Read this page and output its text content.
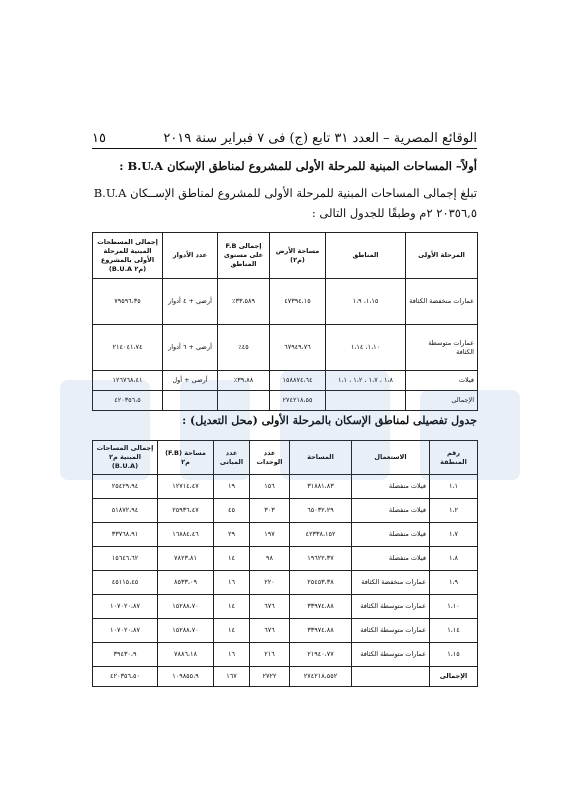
الوقائع المصرية – العدد ٣١ تابع (ج) فى ٧ فبراير سنة ٢٠١٩
١٥
أولاً– المساحات المبنية للمرحلة الأولى للمشروع لمناطق الإسكان B.U.A :
تبلغ إجمالى المساحات المبنية للمرحلة الأولى للمشروع لمناطق الإســكان B.U.A ٢٠٣٥٦,٥ ٢م وطبقًا للجدول التالى :
المرحلة الأولى	المناطق	مساحة الأرض (م٢)	إجمالى F.B على مستوى المناطق	عدد الأدوار	إجمالى المسطحات المبنية للمرحلة الأولى بالمشروع (م٢ B.U.A)
عمارات منخفضة الكثافة	١،١٥، ١،٩	٤٧٣٩٤،١٥	٣٣،٥٨٩٪	أرضى + ٤ أدوار	٧٩٥٩٦،٣٥
عمارات متوسطة الكثافة	١،١٠، ١،١٤	٦٧٩٤٩،٧٦	٤٥٪	أرضى + ٦ أدوار	٢١٤٠٤١،٧٤
فيلات	١،٨ ، ١،٧ ، ١،٢ ، ١،١	١٥٨٨٧٤،٦٤	٣٩،٨٨٪	أرضى + أول	١٢٦٧٦٨،٤١
الإجمالى		٢٧٤٢١٨،٥٥			٤٢٠٣٥٦،٥
جدول تفصيلى لمناطق الإسكان بالمرحلة الأولى (محل التعديل) :
رقم المنطقة	الاستعمال	المساحة	عدد الوحدات	عدد المبانى	مساحة (F.B) م٢	إجمالى المساحات المبنية م٢ (B.U.A)
١،١	فيلات منفصلة	٣١٨٨١،٨٣	١٥٦	١٩	١٢٧١٤،٤٧	٢٥٤٢٩،٩٤
١،٢	فيلات منفصلة	٦٥٠٣٢،٢٩	٣٠٣	٤٥	٢٥٩٣٦،٤٧	٥١٨٧٢،٩٤
١،٧	فيلات منفصلة	٤٢٣٣٨،١٥٢	١٩٧	٢٩	١٦٨٨٤،٤٦	٣٣٧٦٨،٩١
١،٨	فيلات منفصلة	١٩٦٢٢،٣٧	٩٨	١٤	٧٨٢٣،٨١	١٥٦٤٦،٦٢
١،٩	عمارات منخفضة الكثافة	٢٥٤٥٣،٣٨	٢٢٠	١٦	٨٥٣٣،٠٩	٤٥١١٥،٤٥
١،١٠	عمارات متوسطة الكثافة	٣٣٩٧٤،٨٨	٦٧٦	١٤	١٥٢٨٨،٧٠	١٠٧٠٢٠،٨٧
١،١٤	عمارات متوسطة الكثافة	٣٣٩٧٤،٨٨	٦٧٦	١٤	١٥٢٨٨،٧٠	١٠٧٠٢٠،٨٧
١،١٥	عمارات متوسطة الكثافة	٢١٩٤٠،٧٧	٢١٦	١٦	٧٨٨٦،١٨	٣٩٤٣٠،٩
الإجمالى		٢٧٤٢١٨،٥٥٢	٢٧٢٢	١٦٧	١٠٩٨٥٥،٩	٤٢٠٣٥٦،٥٠
